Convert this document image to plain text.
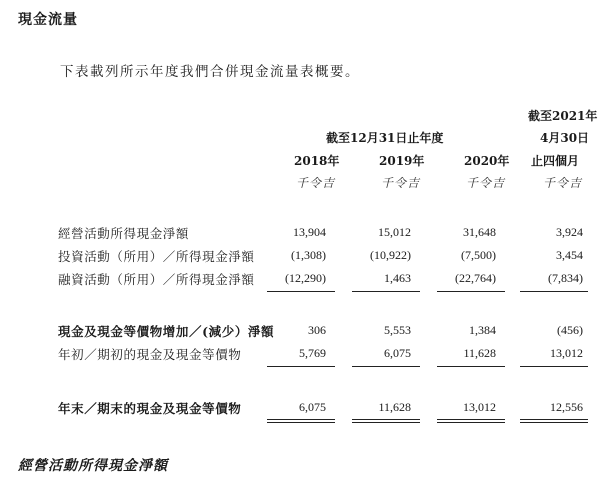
現金流量
下表載列所示年度我們合併現金流量表概要。
截至2021年
截至12月31日止年度	4月30日
2018年	2019年	2020年 止四個月
千令吉	千令吉	千令吉	千令吉
經營活動所得現金淨額	13,904	15,012	31,648	3,924
投資活動（所用）／所得現金淨額	(1,308)	(10,922)	(7,500)	3,454
融資活動（所用）／所得現金淨額	(12,290)	1,463	(22,764)	(7,834)
現金及現金等價物增加／(減少）淨額	306	5,553	1,384	(456)
年初／期初的現金及現金等價物	5,769	6,075	11,628	13,012
年末／期末的現金及現金等價物	6,075	11,628	13,012	12,556
經營活動所得現金淨額
